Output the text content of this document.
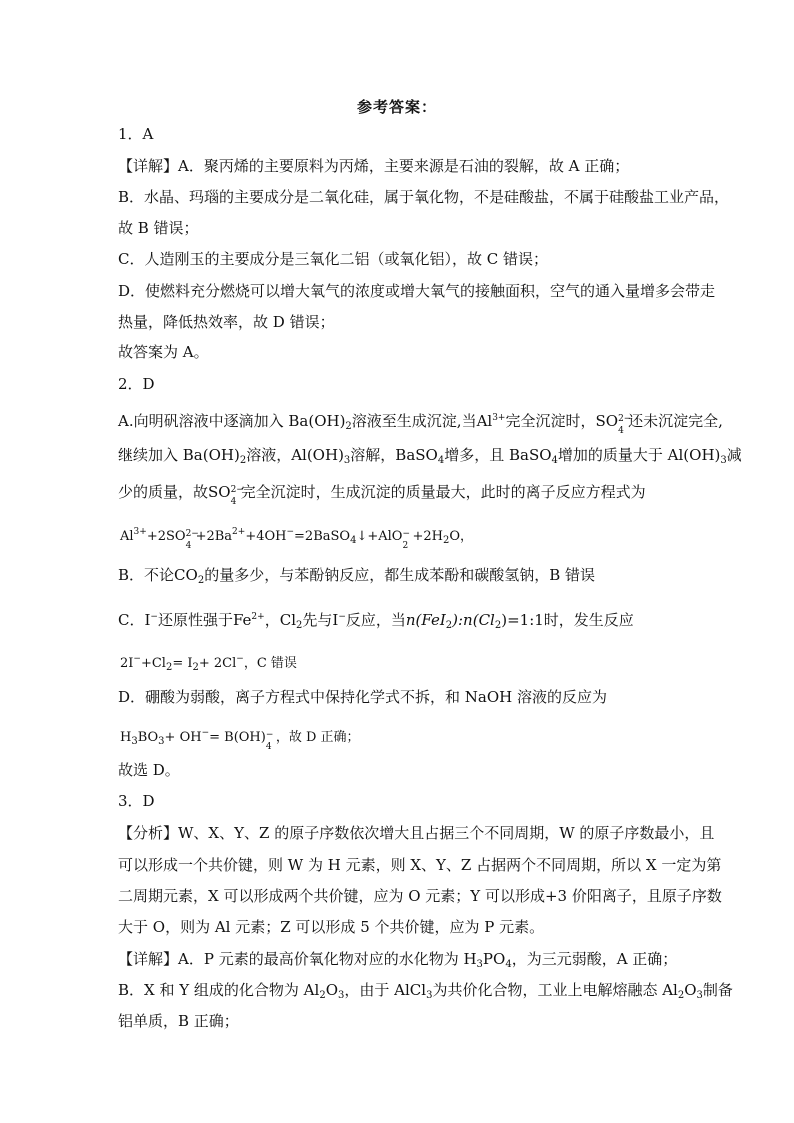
参考答案：
1．A
【详解】A．聚丙烯的主要原料为丙烯，主要来源是石油的裂解，故 A 正确；
B．水晶、玛瑙的主要成分是二氧化硅，属于氧化物，不是硅酸盐，不属于硅酸盐工业产品，
故 B 错误；
C．人造刚玉的主要成分是三氧化二铝（或氧化铝），故 C 错误；
D．使燃料充分燃烧可以增大氧气的浓度或增大氧气的接触面积，空气的通入量增多会带走
热量，降低热效率，故 D 错误；
故答案为 A。
2．D
A.向明矾溶液中逐滴加入 $Ba(OH)_2$溶液至生成沉淀,当$Al^{3+}$完全沉淀时，SO 2−
4
还未沉淀完全,
继续加入 $Ba(OH)_2$溶液，$Al(OH)_3$溶解，BaSO$_4$增多，且 BaSO$_4$增加的质量大于 $Al(OH)_3$减
少的质量，故SO 2−
4
完全沉淀时，生成沉淀的质量最大，此时的离子反应方程式为
$Al^{3+}+2SO$ 2−
4
$+2Ba^{2+}+4OH^-=2BaSO_4↓+AlO$ −
2
$+2H_2O$，
B．不论$CO_2$的量多少，与苯酚钠反应，都生成苯酚和碳酸氢钠，B 错误
C．I−还原性强于$Fe^{2+}$，$Cl_2$先与I−反应，当$n(FeI_2):n(Cl_2)=1:1$时，发生反应
$2I^-+Cl_2= I_2+ 2Cl^-$，C 错误
D．硼酸为弱酸，离子方程式中保持化学式不拆，和 NaOH 溶液的反应为
$H_3BO_3+ OH^-= B(OH)$ −
4
，故 D 正确；
故选 D。
3．D
【分析】W、X、Y、Z 的原子序数依次增大且占据三个不同周期，W 的原子序数最小，且
可以形成一个共价键，则 W 为 H 元素，则 X、Y、Z 占据两个不同周期，所以 X 一定为第
二周期元素，X 可以形成两个共价键，应为 O 元素；Y 可以形成+3 价阳离子，且原子序数
大于 O，则为 Al 元素；Z 可以形成 5 个共价键，应为 P 元素。
【详解】A．P 元素的最高价氧化物对应的水化物为 $H_3PO_4$，为三元弱酸，A 正确；
B．X 和 Y 组成的化合物为 $Al_2O_3$，由于 AlCl$_3$为共价化合物，工业上电解熔融态 $Al_2O_3$制备
铝单质，B 正确；
